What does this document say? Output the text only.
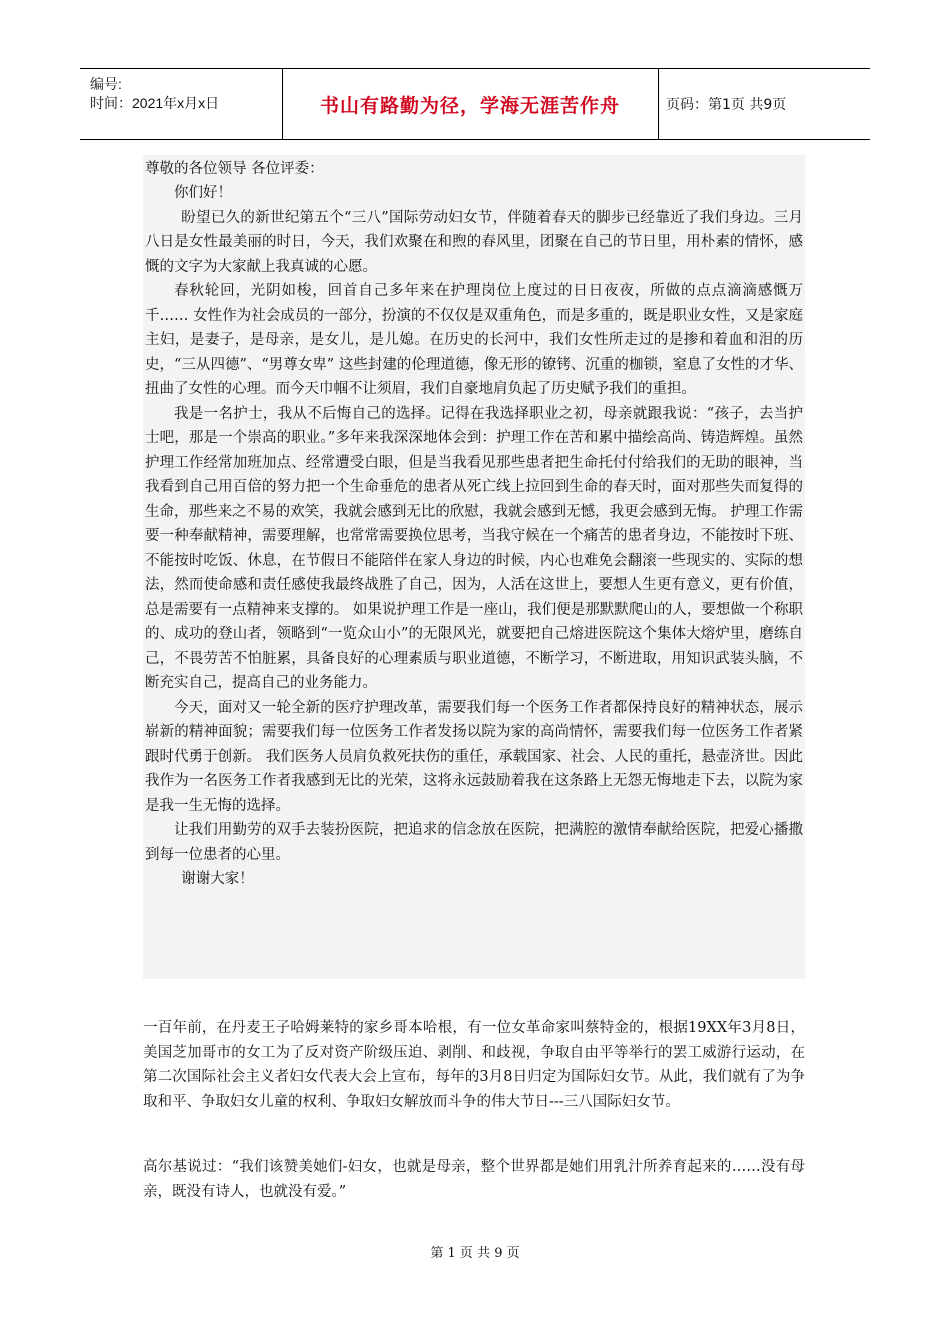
编号:
时间：2021年x月x日	书山有路勤为径，学海无涯苦作舟	页码：第1页 共9页

尊敬的各位领导 各位评委：

你们好！

盼望已久的新世纪第五个“三八”国际劳动妇女节，伴随着春天的脚步已经靠近了我们身边。三月八日是女性最美丽的时日，今天，我们欢聚在和煦的春风里，团聚在自己的节日里，用朴素的情怀，感慨的文字为大家献上我真诚的心愿。

春秋轮回，光阴如梭，回首自己多年来在护理岗位上度过的日日夜夜，所做的点点滴滴感慨万千…… 女性作为社会成员的一部分，扮演的不仅仅是双重角色，而是多重的，既是职业女性，又是家庭主妇，是妻子，是母亲，是女儿，是儿媳。在历史的长河中，我们女性所走过的是掺和着血和泪的历史，“三从四德”、“男尊女卑” 这些封建的伦理道德，像无形的镣铐、沉重的枷锁，窒息了女性的才华、扭曲了女性的心理。而今天巾帼不让须眉，我们自豪地肩负起了历史赋予我们的重担。

我是一名护士，我从不后悔自己的选择。记得在我选择职业之初，母亲就跟我说：“孩子，去当护士吧，那是一个崇高的职业。”多年来我深深地体会到：护理工作在苦和累中描绘高尚、铸造辉煌。虽然护理工作经常加班加点、经常遭受白眼，但是当我看见那些患者把生命托付付给我们的无助的眼神，当我看到自己用百倍的努力把一个生命垂危的患者从死亡线上拉回到生命的春天时，面对那些失而复得的生命，那些来之不易的欢笑，我就会感到无比的欣慰，我就会感到无憾，我更会感到无悔。 护理工作需要一种奉献精神，需要理解，也常常需要换位思考，当我守候在一个痛苦的患者身边，不能按时下班、不能按时吃饭、休息，在节假日不能陪伴在家人身边的时候，内心也难免会翻滚一些现实的、实际的想法，然而使命感和责任感使我最终战胜了自己，因为，人活在这世上，要想人生更有意义，更有价值，总是需要有一点精神来支撑的。 如果说护理工作是一座山，我们便是那默默爬山的人，要想做一个称职的、成功的登山者，领略到“一览众山小”的无限风光，就要把自己熔进医院这个集体大熔炉里，磨练自己，不畏劳苦不怕脏累，具备良好的心理素质与职业道德，不断学习，不断进取，用知识武装头脑，不断充实自己，提高自己的业务能力。

今天，面对又一轮全新的医疗护理改革，需要我们每一个医务工作者都保持良好的精神状态，展示崭新的精神面貌；需要我们每一位医务工作者发扬以院为家的高尚情怀，需要我们每一位医务工作者紧跟时代勇于创新。 我们医务人员肩负救死扶伤的重任，承载国家、社会、人民的重托，悬壶济世。因此我作为一名医务工作者我感到无比的光荣，这将永远鼓励着我在这条路上无怨无悔地走下去，以院为家是我一生无悔的选择。

让我们用勤劳的双手去装扮医院，把追求的信念放在医院，把满腔的激情奉献给医院，把爱心播撒到每一位患者的心里。

谢谢大家！

一百年前，在丹麦王子哈姆莱特的家乡哥本哈根，有一位女革命家叫蔡特金的，根据19XX年3月8日，美国芝加哥市的女工为了反对资产阶级压迫、剥削、和歧视，争取自由平等举行的罢工威游行运动，在第二次国际社会主义者妇女代表大会上宣布，每年的3月8日归定为国际妇女节。从此，我们就有了为争取和平、争取妇女儿童的权利、争取妇女解放而斗争的伟大节日---三八国际妇女节。

高尔基说过：“我们该赞美她们-妇女，也就是母亲，整个世界都是她们用乳汁所养育起来的……没有母亲，既没有诗人，也就没有爱。”

第 1 页 共 9 页
